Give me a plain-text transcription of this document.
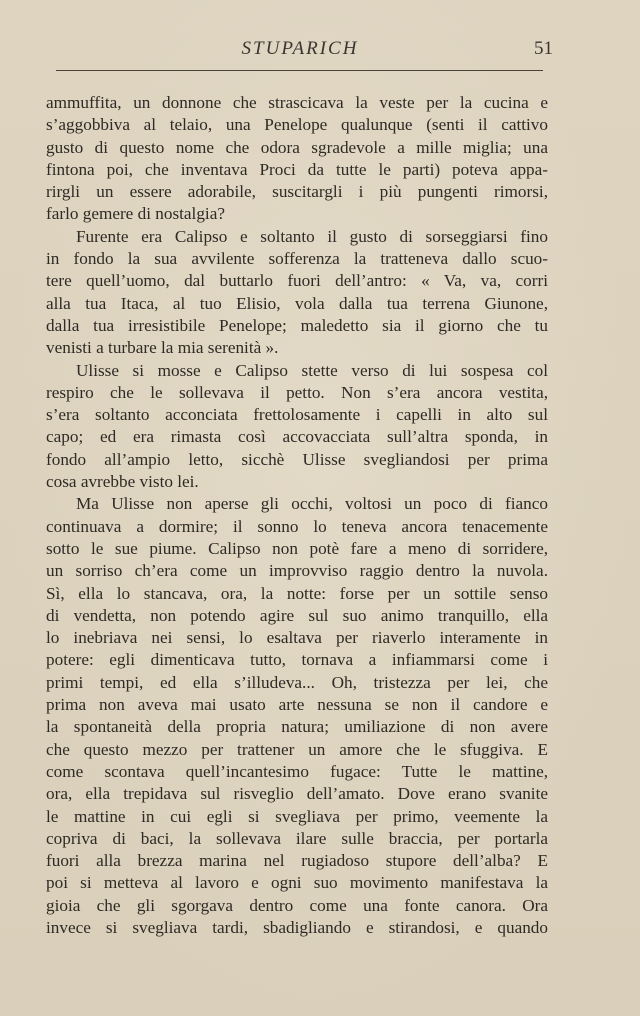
STUPARICH	51
ammuffita, un donnone che strascicava la veste per la cucina e
s’aggobbiva al telaio, una Penelope qualunque (senti il cattivo
gusto di questo nome che odora sgradevole a mille miglia; una
fintona poi, che inventava Proci da tutte le parti) poteva appa-
rirgli un essere adorabile, suscitargli i più pungenti rimorsi,
farlo gemere di nostalgia?
Furente era Calipso e soltanto il gusto di sorseggiarsi fino
in fondo la sua avvilente sofferenza la tratteneva dallo scuo-
tere quell’uomo, dal buttarlo fuori dell’antro: « Va, va, corri
alla tua Itaca, al tuo Elisio, vola dalla tua terrena Giunone,
dalla tua irresistibile Penelope; maledetto sia il giorno che tu
venisti a turbare la mia serenità ».
Ulisse si mosse e Calipso stette verso di lui sospesa col
respiro che le sollevava il petto. Non s’era ancora vestita,
s’era soltanto acconciata frettolosamente i capelli in alto sul
capo; ed era rimasta così accovacciata sull’altra sponda, in
fondo all’ampio letto, sicchè Ulisse svegliandosi per prima
cosa avrebbe visto lei.
Ma Ulisse non aperse gli occhi, voltosi un poco di fianco
continuava a dormire; il sonno lo teneva ancora tenacemente
sotto le sue piume. Calipso non potè fare a meno di sorridere,
un sorriso ch’era come un improvviso raggio dentro la nuvola.
Sì, ella lo stancava, ora, la notte: forse per un sottile senso
di vendetta, non potendo agire sul suo animo tranquillo, ella
lo inebriava nei sensi, lo esaltava per riaverlo interamente in
potere: egli dimenticava tutto, tornava a infiammarsi come i
primi tempi, ed ella s’illudeva... Oh, tristezza per lei, che
prima non aveva mai usato arte nessuna se non il candore e
la spontaneità della propria natura; umiliazione di non avere
che questo mezzo per trattener un amore che le sfuggiva. E
come scontava quell’incantesimo fugace: Tutte le mattine,
ora, ella trepidava sul risveglio dell’amato. Dove erano svanite
le mattine in cui egli si svegliava per primo, veemente la
copriva di baci, la sollevava ilare sulle braccia, per portarla
fuori alla brezza marina nel rugiadoso stupore dell’alba? E
poi si metteva al lavoro e ogni suo movimento manifestava la
gioia che gli sgorgava dentro come una fonte canora. Ora
invece si svegliava tardi, sbadigliando e stirandosi, e quando
